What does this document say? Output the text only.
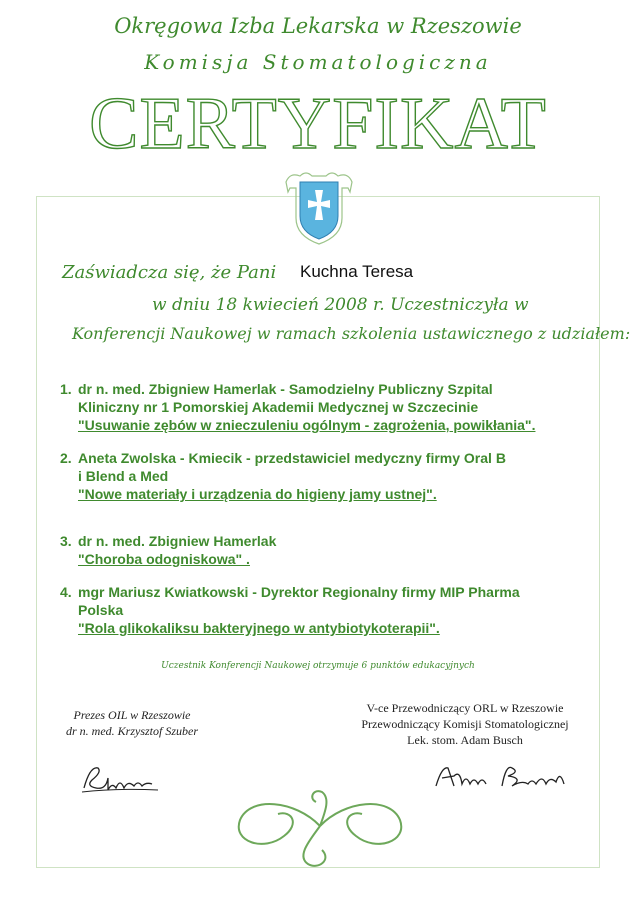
Okręgowa Izba Lekarska w Rzeszowie
Komisja Stomatologiczna
CERTYFIKAT
Zaświadcza się, że Pani Kuchna Teresa
w dniu 18 kwiecień 2008 r. Uczestniczyła w
Konferencji Naukowej w ramach szkolenia ustawicznego z udziałem:
1. dr n. med. Zbigniew Hamerlak - Samodzielny Publiczny Szpital
Kliniczny nr 1 Pomorskiej Akademii Medycznej w Szczecinie
"Usuwanie zębów w znieczuleniu ogólnym - zagrożenia, powikłania".
2. Aneta Zwolska - Kmiecik - przedstawiciel medyczny firmy Oral B
i Blend a Med
"Nowe materiały i urządzenia do higieny jamy ustnej".
3. dr n. med. Zbigniew Hamerlak
"Choroba odogniskowa" .
4. mgr Mariusz Kwiatkowski - Dyrektor Regionalny firmy MIP Pharma
Polska
"Rola glikokaliksu bakteryjnego w antybiotykoterapii".
Uczestnik Konferencji Naukowej otrzymuje 6 punktów edukacyjnych
Prezes OIL w Rzeszowie
dr n. med. Krzysztof Szuber
V-ce Przewodniczący ORL w Rzeszowie
Przewodniczący Komisji Stomatologicznej
Lek. stom. Adam Busch
